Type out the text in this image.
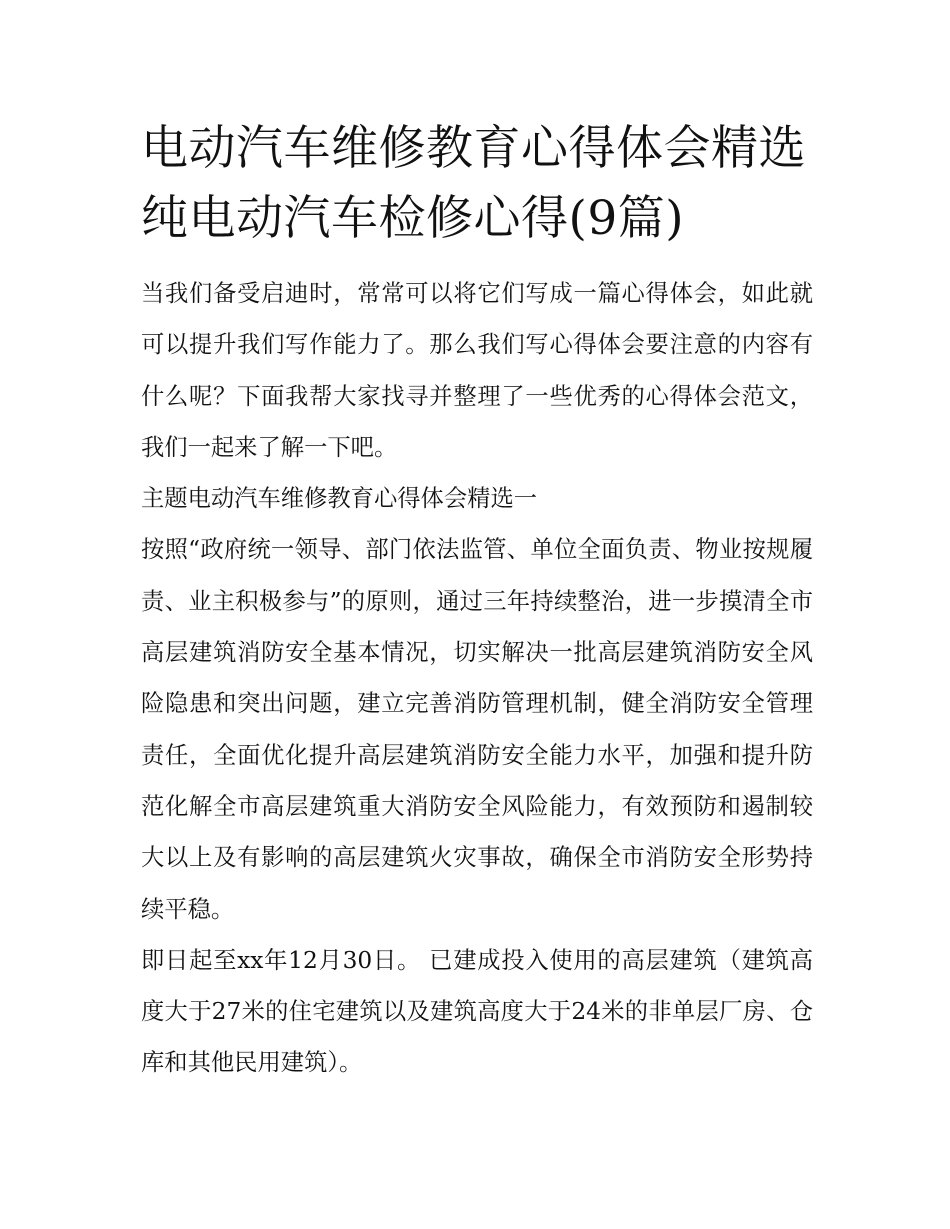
电动汽车维修教育心得体会精选 纯电动汽车检修心得(9篇)

当我们备受启迪时，常常可以将它们写成一篇心得体会，如此就可以提升我们写作能力了。那么我们写心得体会要注意的内容有什么呢？下面我帮大家找寻并整理了一些优秀的心得体会范文，我们一起来了解一下吧。

主题电动汽车维修教育心得体会精选一

按照“政府统一领导、部门依法监管、单位全面负责、物业按规履责、业主积极参与”的原则，通过三年持续整治，进一步摸清全市高层建筑消防安全基本情况，切实解决一批高层建筑消防安全风险隐患和突出问题，建立完善消防管理机制，健全消防安全管理责任，全面优化提升高层建筑消防安全能力水平，加强和提升防范化解全市高层建筑重大消防安全风险能力，有效预防和遏制较大以上及有影响的高层建筑火灾事故，确保全市消防安全形势持续平稳。

即日起至xx年12月30日。 已建成投入使用的高层建筑（建筑高度大于27米的住宅建筑以及建筑高度大于24米的非单层厂房、仓库和其他民用建筑）。
